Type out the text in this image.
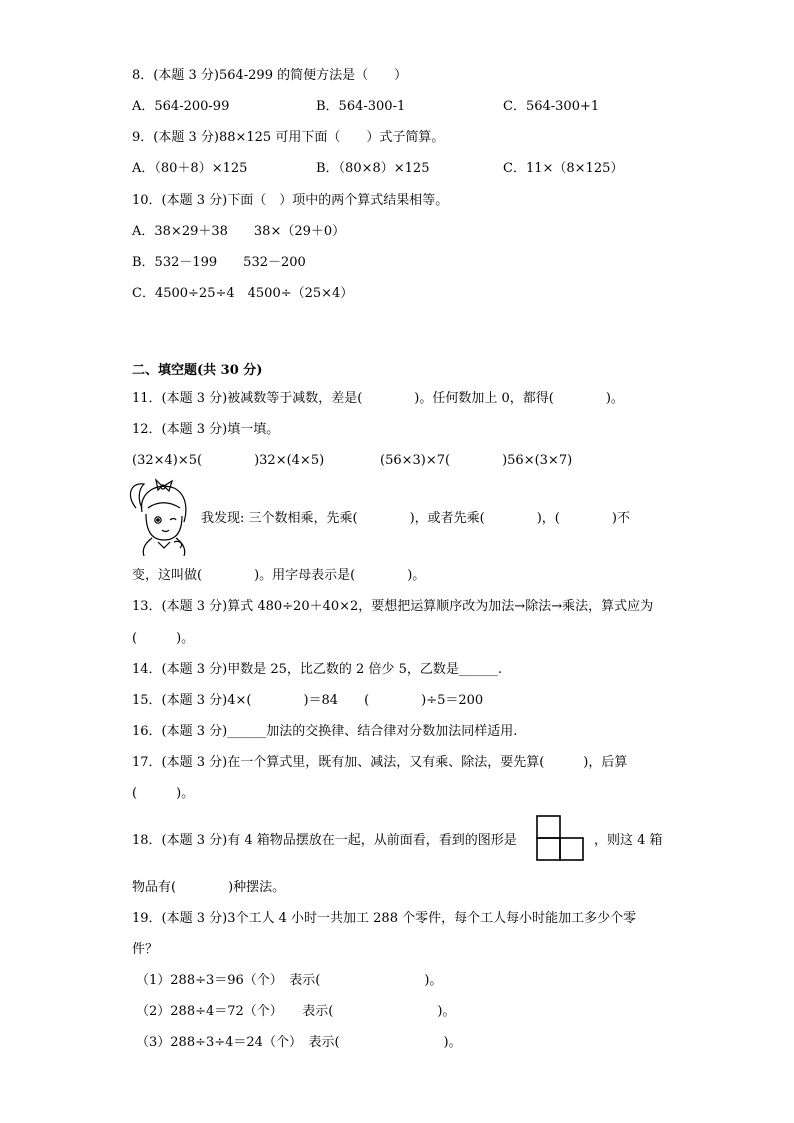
8．(本题 3 分)564-299 的简便方法是（　　）
A．564-200-99	B．564-300-1	C．564-300+1
9．(本题 3 分)88×125 可用下面（　　）式子简算。
A．（80＋8）×125	B．（80×8）×125	C．11×（8×125）
10．(本题 3 分)下面（　）项中的两个算式结果相等。
A．38×29＋38　　38×（29＋0）
B．532－199　　532－200
C．4500÷25÷4　4500÷（25×4）
二、填空题(共 30 分)
11．(本题 3 分)被减数等于减数，差是(　　　　)。任何数加上 0，都得(　　　　)。
12．(本题 3 分)填一填。
(32×4)×5(　　　　)32×(4×5)	(56×3)×7(　　　　)56×(3×7)
我发现: 三个数相乘，先乘(　　　　)，或者先乘(　　　　)，(　　　　)不
变，这叫做(　　　　)。用字母表示是(　　　　)。
13．(本题 3 分)算式 480÷20＋40×2，要想把运算顺序改为加法→除法→乘法，算式应为
(　　　)。
14．(本题 3 分)甲数是 25，比乙数的 2 倍少 5，乙数是______.
15．(本题 3 分)4×(　　　　)＝84　　(　　　　)÷5＝200
16．(本题 3 分)______加法的交换律、结合律对分数加法同样适用.
17．(本题 3 分)在一个算式里，既有加、减法，又有乘、除法，要先算(　　　)，后算
(　　　)。
18．(本题 3 分)有 4 箱物品摆放在一起，从前面看，看到的图形是	，则这 4 箱
物品有(　　　　)种摆法。
19．(本题 3 分)3个工人 4 小时一共加工 288 个零件，每个工人每小时能加工多少个零
件？
（1）288÷3＝96（个）　表示(　　　　　　　　)。
（2）288÷4＝72（个）　　表示(　　　　　　　　)。
（3）288÷3÷4＝24（个）　表示(　　　　　　　　)。
